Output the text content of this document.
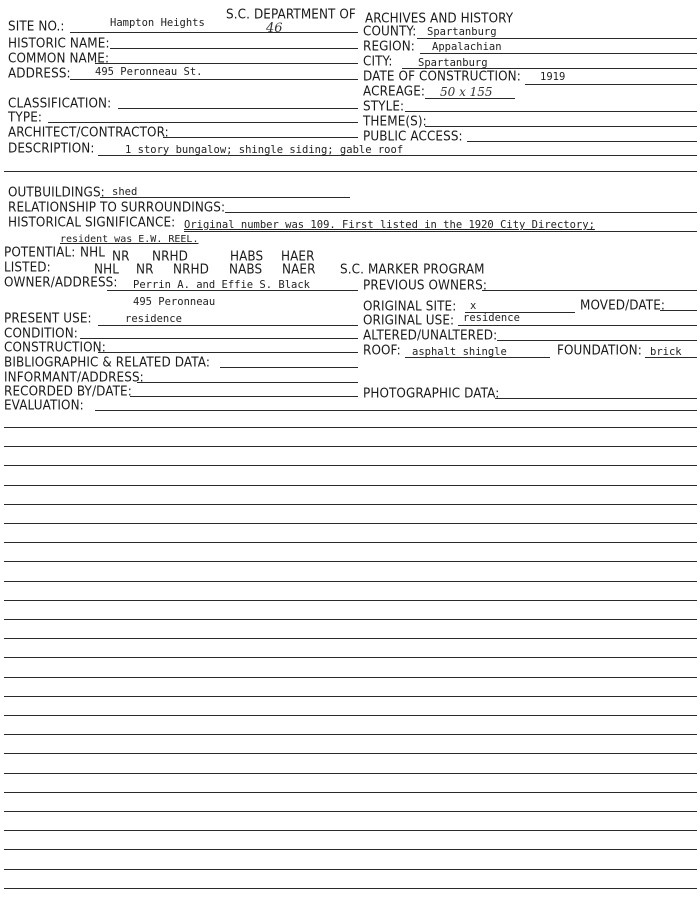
S.C. DEPARTMENT OF ARCHIVES AND HISTORY
46
SITE NO.:	Hampton Heights
HISTORIC NAME:
COMMON NAME:
ADDRESS: 495 Peronneau St.
COUNTY: Spartanburg
REGION: Appalachian
CITY: Spartanburg
DATE OF CONSTRUCTION: 1919
ACREAGE: 50 x 155
CLASSIFICATION:	STYLE:
TYPE:	THEME(S):
ARCHITECT/CONTRACTOR:	PUBLIC ACCESS:
DESCRIPTION:	1 story bungalow; shingle siding; gable roof
OUTBUILDINGS: shed
RELATIONSHIP TO SURROUNDINGS:
HISTORICAL SIGNIFICANCE: Original number was 109. First listed in the 1920 City Directory;
resident was E.W. REEL.
POTENTIAL: NHL NR NRHD	HABS HAER
LISTED:	NHL NR NRHD NABS NAER S.C. MARKER PROGRAM
OWNER/ADDRESS: Perrin A. and Effie S. Black
495 Peronneau
PREVIOUS OWNERS:
ORIGINAL SITE: x	MOVED/DATE:
PRESENT USE:	residence	ORIGINAL USE: residence
CONDITION:	ALTERED/UNALTERED:
CONSTRUCTION:	ROOF: asphalt shingle	FOUNDATION: brick
BIBLIOGRAPHIC & RELATED DATA:
INFORMANT/ADDRESS:
RECORDED BY/DATE:	PHOTOGRAPHIC DATA:
EVALUATION:
